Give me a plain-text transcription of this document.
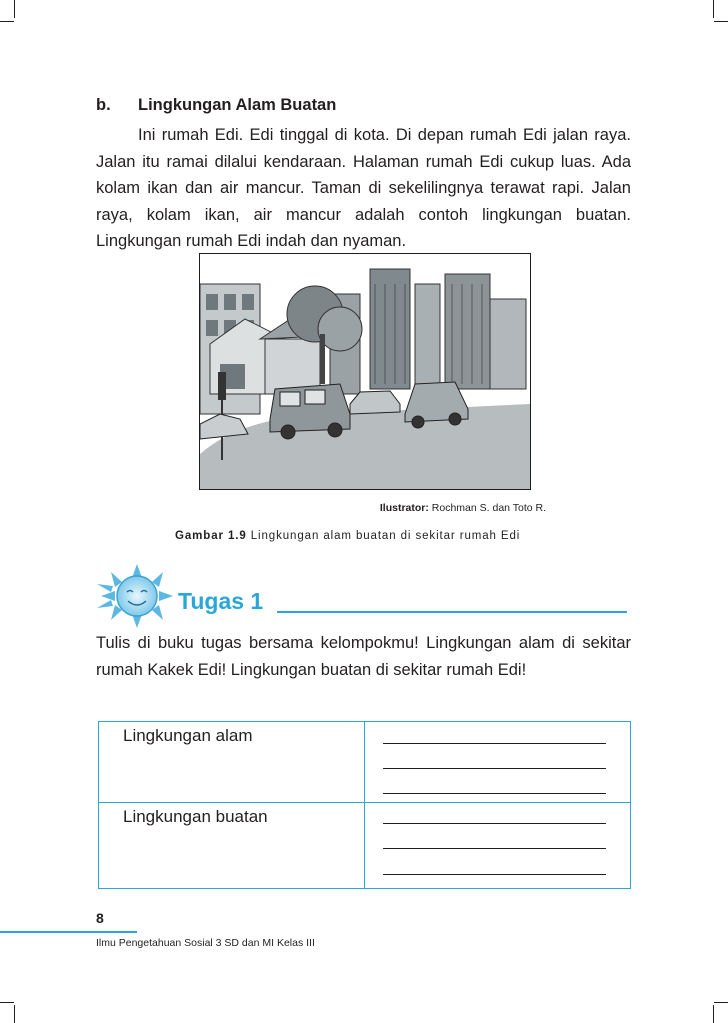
b. Lingkungan Alam Buatan

Ini rumah Edi. Edi tinggal di kota. Di depan rumah Edi jalan raya. Jalan itu ramai dilalui kendaraan. Halaman rumah Edi cukup luas. Ada kolam ikan dan air mancur. Taman di sekelilingnya terawat rapi. Jalan raya, kolam ikan, air mancur adalah contoh lingkungan buatan. Lingkungan rumah Edi indah dan nyaman.

Ilustrator: Rochman S. dan Toto R.
Gambar 1.9 Lingkungan alam buatan di sekitar rumah Edi
Tugas 1

Tulis di buku tugas bersama kelompokmu! Lingkungan alam di sekitar rumah Kakek Edi! Lingkungan buatan di sekitar rumah Edi!

Lingkungan alam
Lingkungan buatan
8
Ilmu Pengetahuan Sosial 3 SD dan MI Kelas III
